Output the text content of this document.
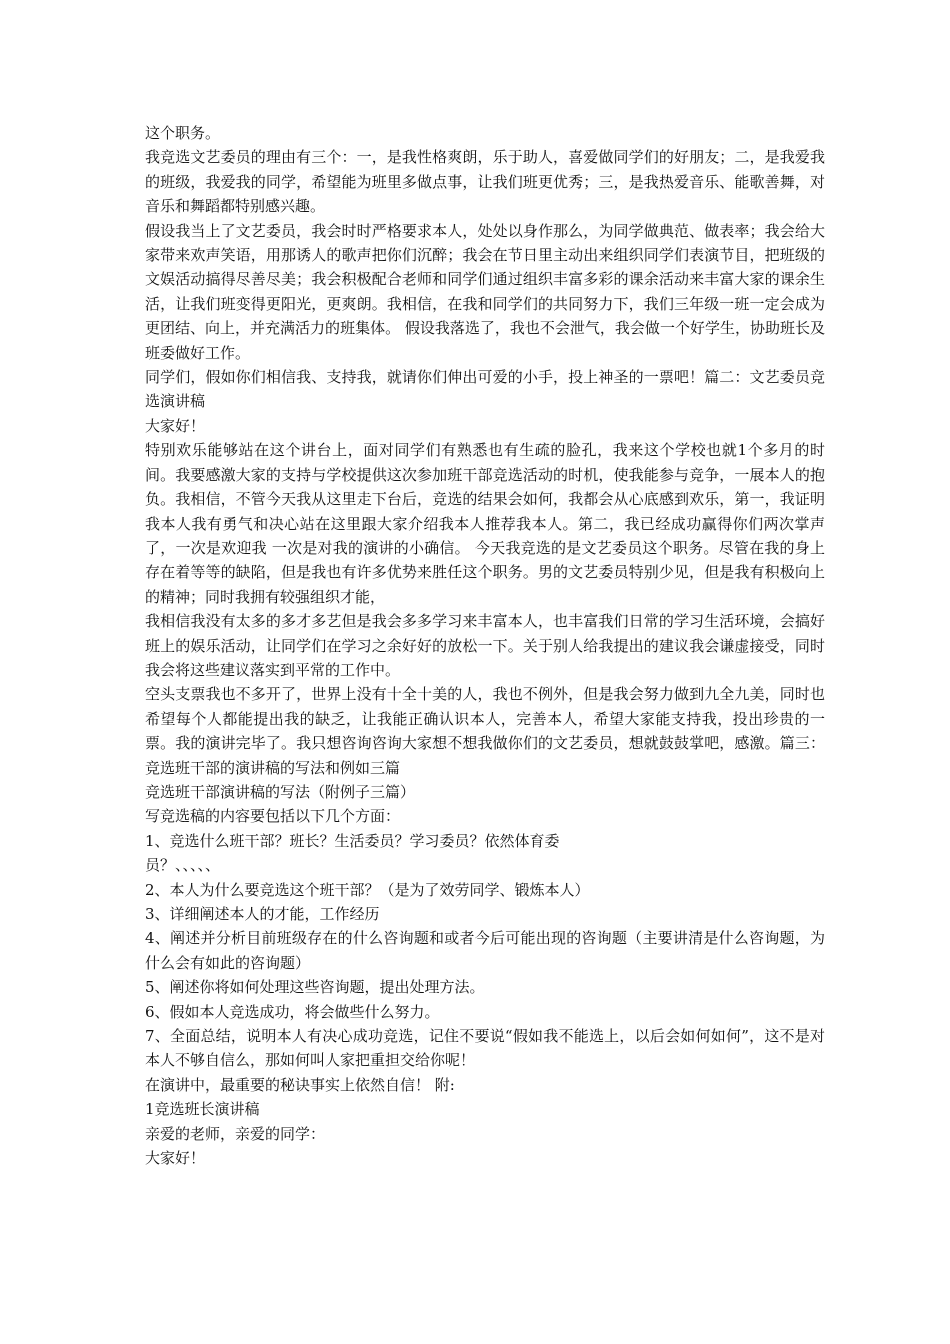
这个职务。

我竞选文艺委员的理由有三个：一，是我性格爽朗，乐于助人，喜爱做同学们的好朋友；二，是我爱我的班级，我爱我的同学，希望能为班里多做点事，让我们班更优秀；三，是我热爱音乐、能歌善舞，对音乐和舞蹈都特别感兴趣。

假设我当上了文艺委员，我会时时严格要求本人，处处以身作那么，为同学做典范、做表率；我会给大家带来欢声笑语，用那诱人的歌声把你们沉醉；我会在节日里主动出来组织同学们表演节目，把班级的文娱活动搞得尽善尽美；我会积极配合老师和同学们通过组织丰富多彩的课余活动来丰富大家的课余生活，让我们班变得更阳光，更爽朗。我相信，在我和同学们的共同努力下，我们三年级一班一定会成为更团结、向上，并充满活力的班集体。 假设我落选了，我也不会泄气，我会做一个好学生，协助班长及班委做好工作。

同学们，假如你们相信我、支持我，就请你们伸出可爱的小手，投上神圣的一票吧！篇二：文艺委员竞选演讲稿

大家好！

特别欢乐能够站在这个讲台上，面对同学们有熟悉也有生疏的脸孔，我来这个学校也就1个多月的时间。我要感激大家的支持与学校提供这次参加班干部竞选活动的时机，使我能参与竞争，一展本人的抱负。我相信，不管今天我从这里走下台后，竞选的结果会如何，我都会从心底感到欢乐，第一，我证明我本人我有勇气和决心站在这里跟大家介绍我本人推荐我本人。第二，我已经成功赢得你们两次掌声了，一次是欢迎我 一次是对我的演讲的小确信。 今天我竞选的是文艺委员这个职务。尽管在我的身上存在着等等的缺陷，但是我也有许多优势来胜任这个职务。男的文艺委员特别少见，但是我有积极向上的精神；同时我拥有较强组织才能，

我相信我没有太多的多才多艺但是我会多多学习来丰富本人，也丰富我们日常的学习生活环境，会搞好班上的娱乐活动，让同学们在学习之余好好的放松一下。关于别人给我提出的建议我会谦虚接受，同时我会将这些建议落实到平常的工作中。

空头支票我也不多开了，世界上没有十全十美的人，我也不例外，但是我会努力做到九全九美，同时也希望每个人都能提出我的缺乏，让我能正确认识本人，完善本人，希望大家能支持我，投出珍贵的一票。我的演讲完毕了。我只想咨询咨询大家想不想我做你们的文艺委员，想就鼓鼓掌吧，感激。篇三：竞选班干部的演讲稿的写法和例如三篇

竞选班干部演讲稿的写法（附例子三篇）

写竞选稿的内容要包括以下几个方面：

1、竞选什么班干部？班长？生活委员？学习委员？依然体育委

员？、、、、、

2、本人为什么要竞选这个班干部？（是为了效劳同学、锻炼本人）

3、详细阐述本人的才能，工作经历

4、阐述并分析目前班级存在的什么咨询题和或者今后可能出现的咨询题（主要讲清是什么咨询题，为什么会有如此的咨询题）

5、阐述你将如何处理这些咨询题，提出处理方法。

6、假如本人竞选成功，将会做些什么努力。

7、全面总结，说明本人有决心成功竞选，记住不要说“假如我不能选上，以后会如何如何”，这不是对本人不够自信么，那如何叫人家把重担交给你呢！

在演讲中，最重要的秘诀事实上依然自信！ 附:

1竞选班长演讲稿

亲爱的老师，亲爱的同学：

大家好！
